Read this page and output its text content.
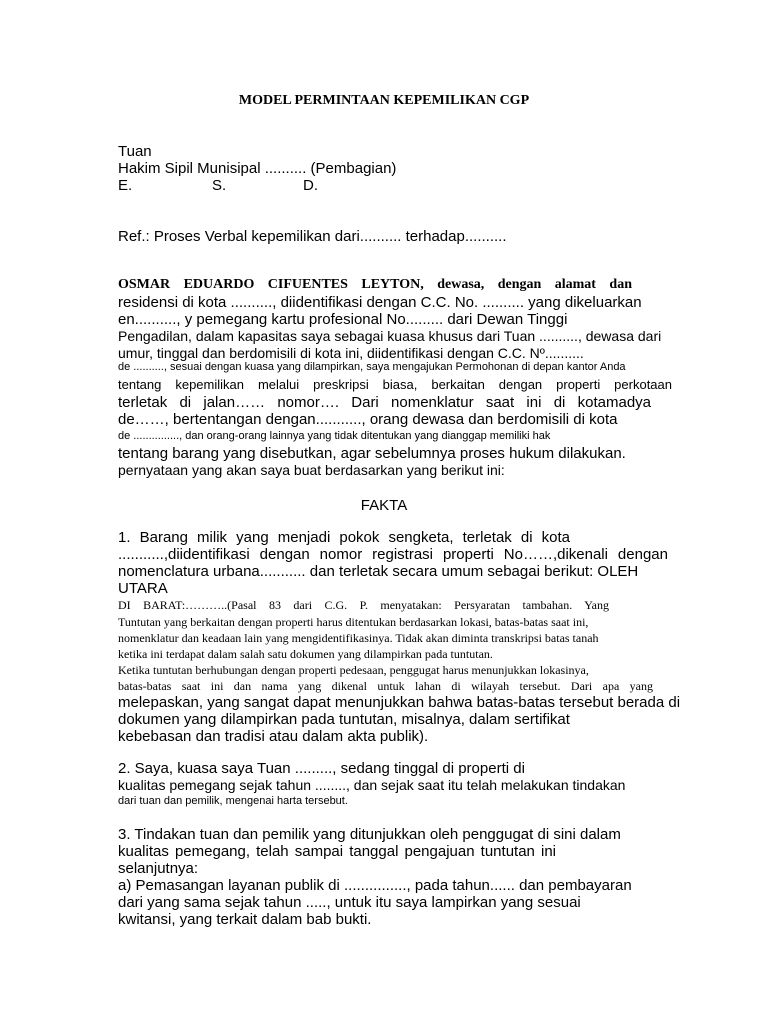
MODEL PERMINTAAN KEPEMILIKAN CGP
Tuan
Hakim Sipil Munisipal .......... (Pembagian)
E.	S.	D.
Ref.: Proses Verbal kepemilikan dari.......... terhadap..........
OSMAR EDUARDO CIFUENTES LEYTON, dewasa, dengan alamat dan
residensi di kota .........., diidentifikasi dengan C.C. No. .......... yang dikeluarkan
en.........., y pemegang kartu profesional No......... dari Dewan Tinggi
Pengadilan, dalam kapasitas saya sebagai kuasa khusus dari Tuan .........., dewasa dari
umur, tinggal dan berdomisili di kota ini, diidentifikasi dengan C.C. Nº..........
de .........., sesuai dengan kuasa yang dilampirkan, saya mengajukan Permohonan di depan kantor Anda
tentang kepemilikan melalui preskripsi biasa, berkaitan dengan properti perkotaan
terletak di jalan…… nomor…. Dari nomenklatur saat ini di kotamadya
de……, bertentangan dengan..........., orang dewasa dan berdomisili di kota
de ..............., dan orang-orang lainnya yang tidak ditentukan yang dianggap memiliki hak
tentang barang yang disebutkan, agar sebelumnya proses hukum dilakukan.
pernyataan yang akan saya buat berdasarkan yang berikut ini:
FAKTA
1. Barang milik yang menjadi pokok sengketa, terletak di kota
...........,diidentifikasi dengan nomor registrasi properti No……,dikenali dengan
nomenclatura urbana........... dan terletak secara umum sebagai berikut: OLEH
UTARA
DI BARAT:………..(Pasal 83 dari C.G. P. menyatakan: Persyaratan tambahan. Yang
Tuntutan yang berkaitan dengan properti harus ditentukan berdasarkan lokasi, batas-batas saat ini,
nomenklatur dan keadaan lain yang mengidentifikasinya. Tidak akan diminta transkripsi batas tanah
ketika ini terdapat dalam salah satu dokumen yang dilampirkan pada tuntutan.
Ketika tuntutan berhubungan dengan properti pedesaan, penggugat harus menunjukkan lokasinya,
batas-batas saat ini dan nama yang dikenal untuk lahan di wilayah tersebut. Dari apa yang
melepaskan, yang sangat dapat menunjukkan bahwa batas-batas tersebut berada di
dokumen yang dilampirkan pada tuntutan, misalnya, dalam sertifikat
kebebasan dan tradisi atau dalam akta publik).
2. Saya, kuasa saya Tuan ........., sedang tinggal di properti di
kualitas pemegang sejak tahun ........, dan sejak saat itu telah melakukan tindakan
dari tuan dan pemilik, mengenai harta tersebut.
3. Tindakan tuan dan pemilik yang ditunjukkan oleh penggugat di sini dalam
kualitas pemegang, telah sampai tanggal pengajuan tuntutan ini
selanjutnya:
a) Pemasangan layanan publik di ..............., pada tahun...... dan pembayaran
dari yang sama sejak tahun ....., untuk itu saya lampirkan yang sesuai
kwitansi, yang terkait dalam bab bukti.
